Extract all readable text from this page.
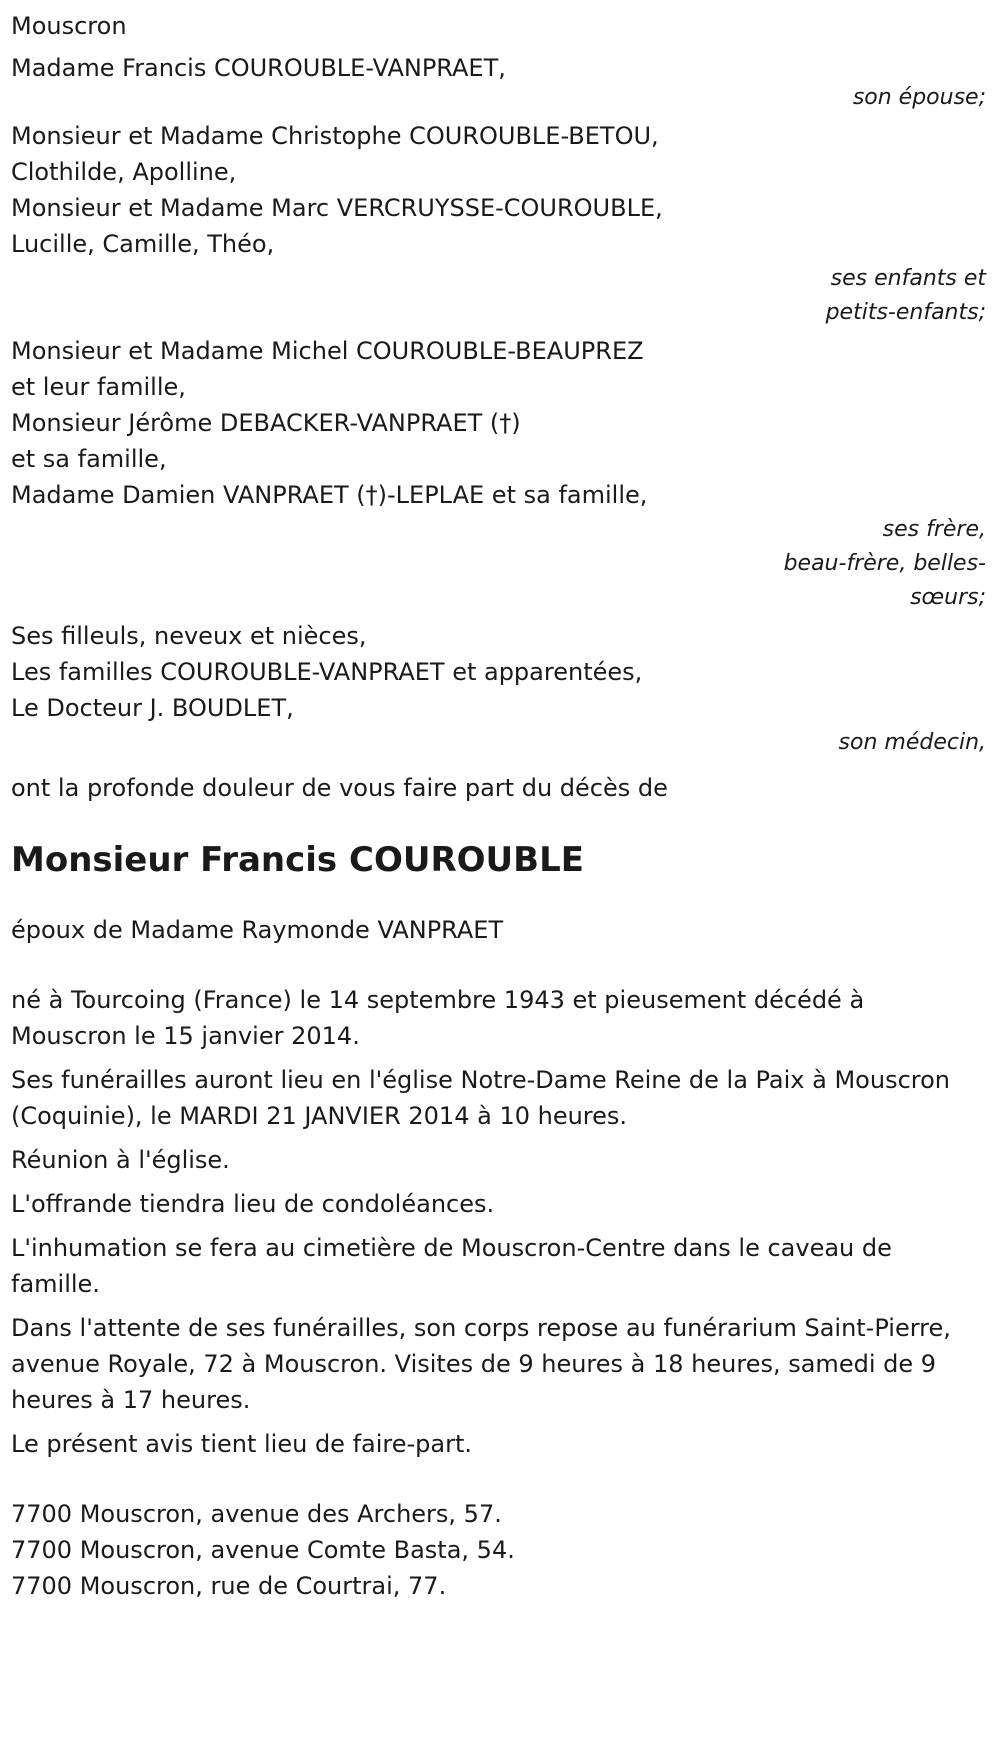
Mouscron
Madame Francis COUROUBLE-VANPRAET,
son épouse;
Monsieur et Madame Christophe COUROUBLE-BETOU,
Clothilde, Apolline,
Monsieur et Madame Marc VERCRUYSSE-COUROUBLE,
Lucille, Camille, Théo,
ses enfants et
petits-enfants;
Monsieur et Madame Michel COUROUBLE-BEAUPREZ
et leur famille,
Monsieur Jérôme DEBACKER-VANPRAET (†)
et sa famille,
Madame Damien VANPRAET (†)-LEPLAE et sa famille,
ses frère,
beau-frère, belles-
sœurs;
Ses filleuls, neveux et nièces,
Les familles COUROUBLE-VANPRAET et apparentées,
Le Docteur J. BOUDLET,
son médecin,
ont la profonde douleur de vous faire part du décès de
Monsieur Francis COUROUBLE
époux de Madame Raymonde VANPRAET
né à Tourcoing (France) le 14 septembre 1943 et pieusement décédé à Mouscron le 15 janvier 2014.
Ses funérailles auront lieu en l'église Notre-Dame Reine de la Paix à Mouscron (Coquinie), le MARDI 21 JANVIER 2014 à 10 heures.
Réunion à l'église.
L'offrande tiendra lieu de condoléances.
L'inhumation se fera au cimetière de Mouscron-Centre dans le caveau de famille.
Dans l'attente de ses funérailles, son corps repose au funérarium Saint-Pierre, avenue Royale, 72 à Mouscron. Visites de 9 heures à 18 heures, samedi de 9 heures à 17 heures.
Le présent avis tient lieu de faire-part.
7700 Mouscron, avenue des Archers, 57.
7700 Mouscron, avenue Comte Basta, 54.
7700 Mouscron, rue de Courtrai, 77.
